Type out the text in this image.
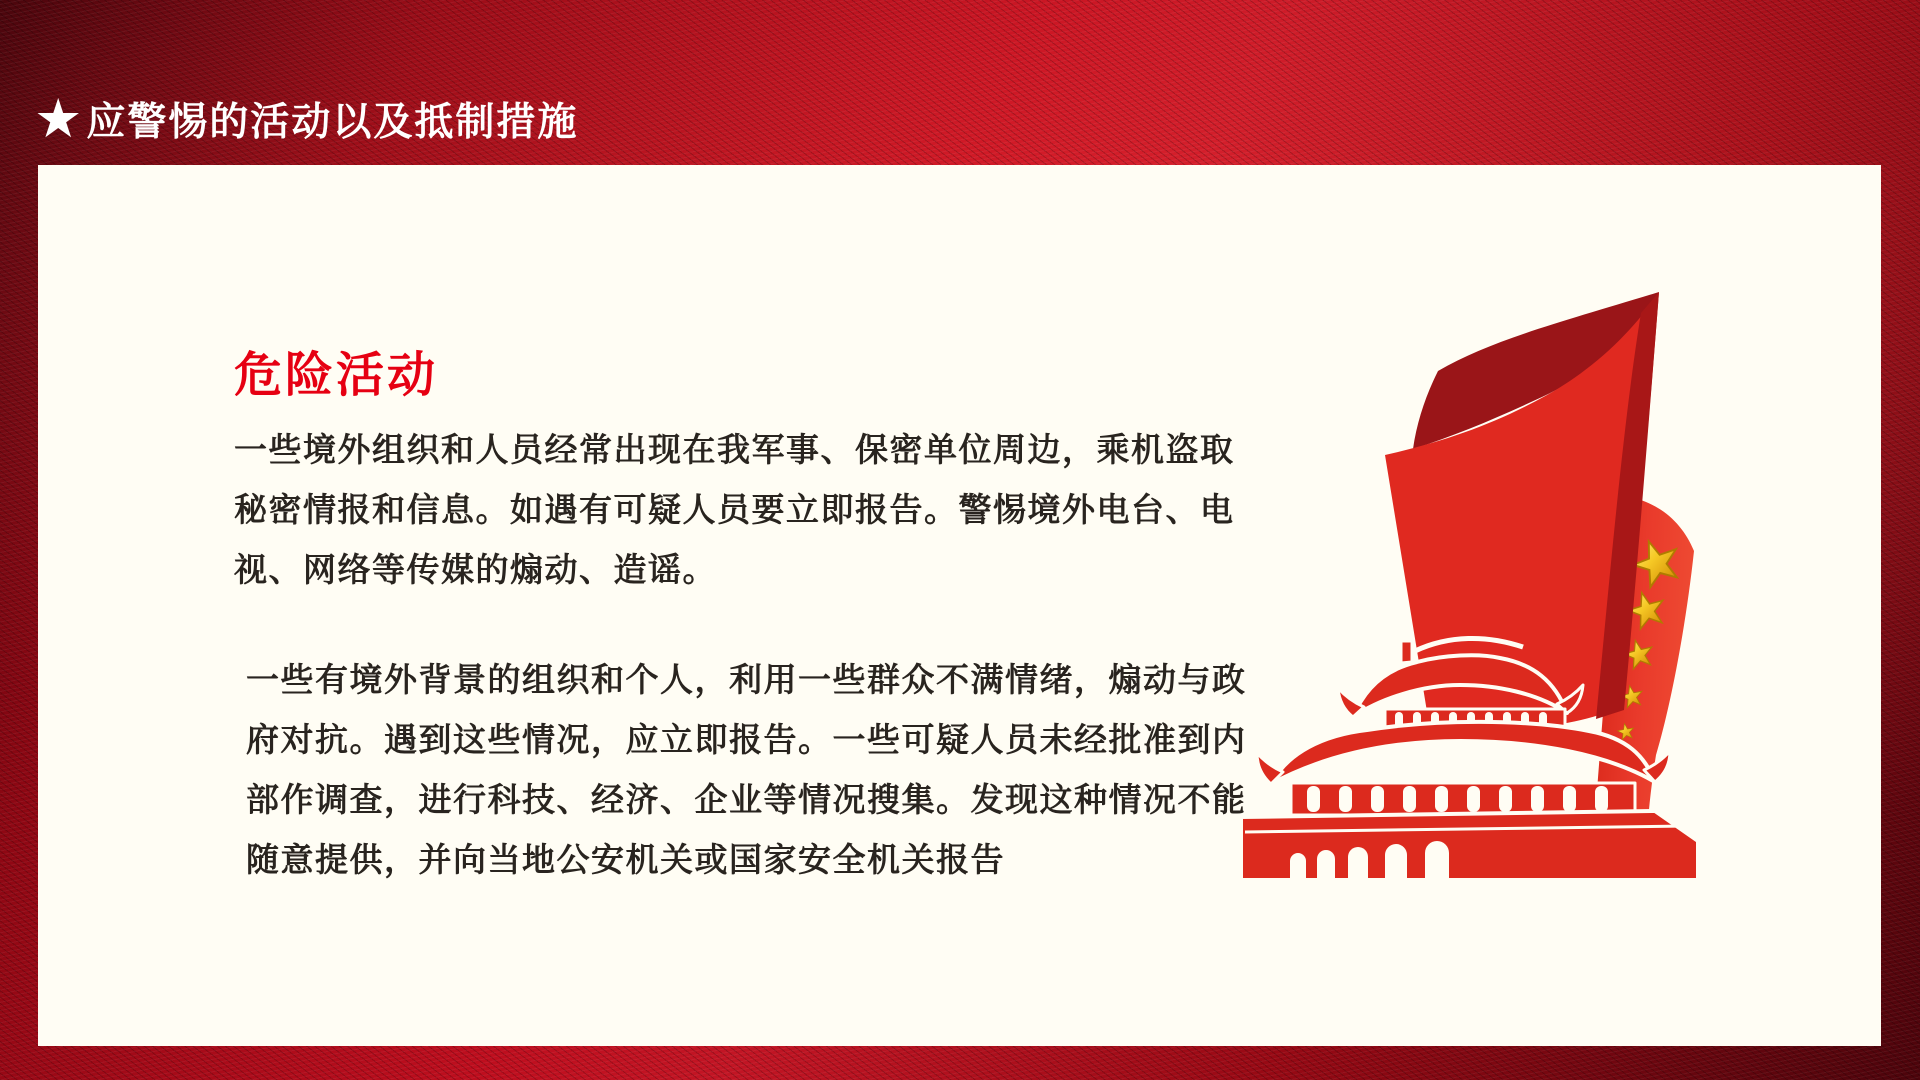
★ 应警惕的活动以及抵制措施
危险活动
一些境外组织和人员经常出现在我军事、保密单位周边，乘机盗取
秘密情报和信息。如遇有可疑人员要立即报告。警惕境外电台、电
视、网络等传媒的煽动、造谣。
一些有境外背景的组织和个人，利用一些群众不满情绪，煽动与政
府对抗。遇到这些情况，应立即报告。一些可疑人员未经批准到内
部作调查，进行科技、经济、企业等情况搜集。发现这种情况不能
随意提供，并向当地公安机关或国家安全机关报告
